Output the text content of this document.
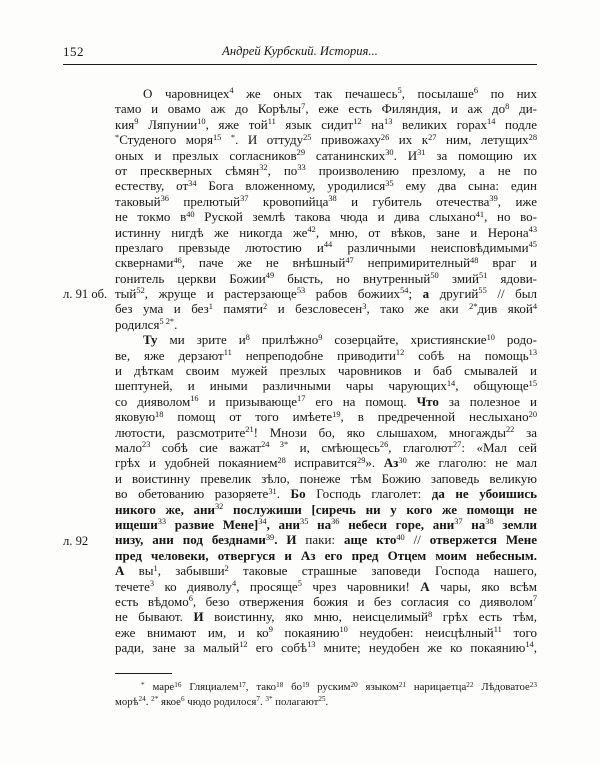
152	Андрей Курбский. История...
л. 91 об.
л. 92
О чаровницех$^4$ же оных так печашесь$^5$, посылаше$^6$ по них
тамо и овамо аж до Корѣлы$^7$, еже есть Филяндия, и аж $до^8$ ди-
кия$^9$ Ляпунии$^{10}$, яже той$^{11}$ язык сидит$^{12}$ $на^{13}$ великих горах$^{14}$ подле
*Студеного моря$^{15}$ *. И оттуду$^{25}$ привожаху$^{26}$ их $к^{27}$ ним, летущих$^{28}$
оных и презлых согласников$^{29}$ сатанинских$^{30}$. $И^{31}$ за помощию их
от прескверных сѣмян$^{32}$, $по^{33}$ произволению презлому, а не по
естеству, $от^{34}$ Бога вложенному, уродилися$^{35}$ ему два сына: един
таковый$^{36}$ прелютый$^{37}$ кровопийца$^{38}$ и губитель отечества$^{39}$, иже
не токмо $в^{40}$ Руской землѣ такова чюда и дива слыхано$^{41}$, но во-
истинну нигдѣ же никогда $же^{42}$, мню, от вѣков, зане и Нерона$^{43}$
презлаго превзыде лютостию $и^{44}$ различными неисповѣдимыми$^{45}$
сквернами$^{46}$, паче же не внѣшный$^{47}$ непримирителный$^{48}$ враг и
гонитель церкви Божии$^{49}$ бысть, но внутренный$^{50}$ змий$^{51}$ ядови-
тый$^{52}$, жруще и растерзающе$^{53}$ рабов божиих$^{54}$; а другий$^{55}$ // был
без ума и без$^1$ памяти$^2$ и безсловесен$^3$, тако же аки $^{2*}$див якой$^4$
родился$^{5 2*}$.
Ту ми зрите $и^8$ прилѣжно$^9$ созерцайте, християнские$^{10}$ родо-
ве, яже дерзают$^{11}$ непреподобне приводити$^{12}$ собѣ на помощь$^{13}$
и дѣткам своим мужей презлых чаровников и баб смывалей и
шептуней, и иными различными чары чарующих$^{14}$, общующе$^{15}$
со дияволом$^{16}$ и призывающе$^{17}$ его на помощ. Что за полезное и
яковую$^{18}$ помощ от того имѣете$^{19}$, в предреченной неслыхано$^{20}$
лютости, разсмотрите$^{21}$! Мнози бо, яко слышахом, многажды$^{22}$ за
мало$^{23}$ собѣ сие важат$^{24 3*}$ и, смѣющесь$^{26}$, глаголют$^{27}$: «Мал сей
грѣх и удобней покаянием$^{28}$ исправится$^{29}$». $Аз^{30}$ же глаголю: не мал
и воистинну превелик зѣло, понеже тѣм Божию заповедь великую
во обетованию разоряете$^{31}$. Бо Господь глаголет: да не убоишись
никого же, ани$^{32}$ послужиши [сиречь ни у кого же помощи не
ищеши$^{33}$ развие Мене]$^{34}$, ани$^{35}$ $на^{36}$ небеси горе, ани$^{37}$ $на^{38}$ земли
низу, ани под безднами$^{39}$. И паки: аще кто$^{40}$ // отвержется Мене
пред человеки, отвергуся и Аз его пред Отцем моим небесным.
А $вы^1$, забывши$^2$ таковые страшные заповеди Господа нашего,
течете$^3$ ко дияволу$^4$, просяще$^5$ чрез чаровники! А чары, яко всѣм
есть вѣдомо$^6$, безо отвержения божия и без согласия со дияволом$^7$
не бывают. И воистинну, яко мню, неисцелимый$^8$ грѣх есть тѣм,
еже внимают им, и $ко^9$ покаянию$^{10}$ неудобен: неисцѣлный$^{11}$ того
ради, зане за малый$^{12}$ его собѣ$^{13}$ мните; неудобен же ко покаянию$^{14}$,
* маре$^{16}$ Гляциалем$^{17}$, тако$^{18}$ $бо^{19}$ руским$^{20}$ языком$^{21}$ нарицаетца$^{22}$ Лѣдоватое$^{23}$
морѣ$^{24}$. $^{2*}$ якое$^6$ чюдо родилося$^7$. $^{3*}$ полагают$^{25}$.
